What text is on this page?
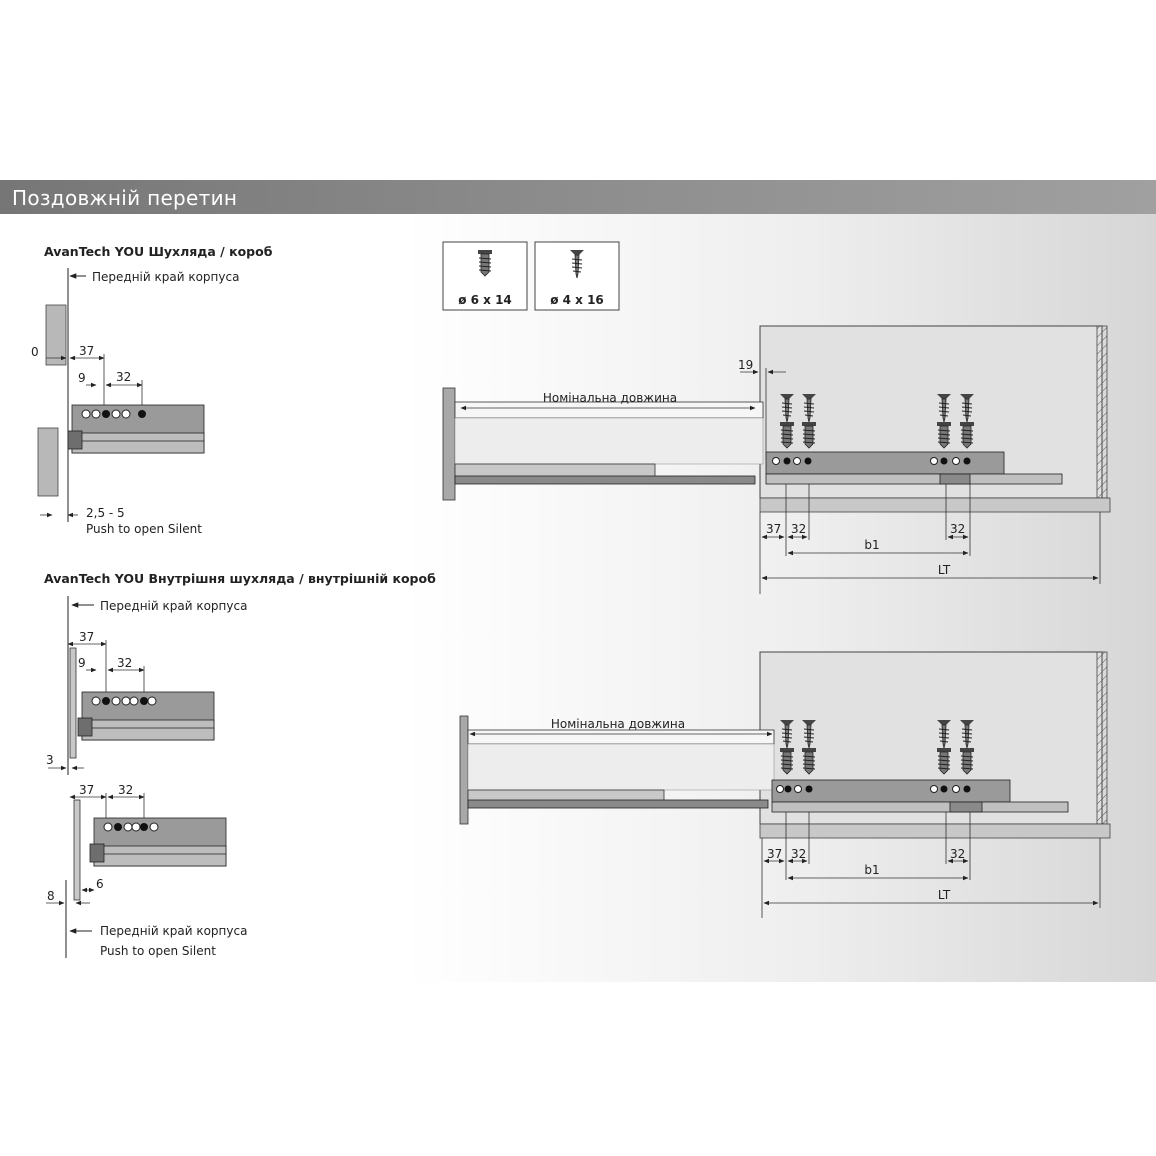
Поздовжній перетин
AvanTech YOU Шухляда / короб
Передній край корпуса
0	37
9	32
2,5 - 5
Push to open Silent
AvanTech YOU Внутрішня шухляда / внутрішній короб
Передній край корпуса
37
9	32
3
37 32
6
8
Передній край корпуса
Push to open Silent
ø 6 x 14	ø 4 x 16
Номінальна довжина
19
37 32	32
b1
LT
Номінальна довжина
37 32	32
b1
LT
